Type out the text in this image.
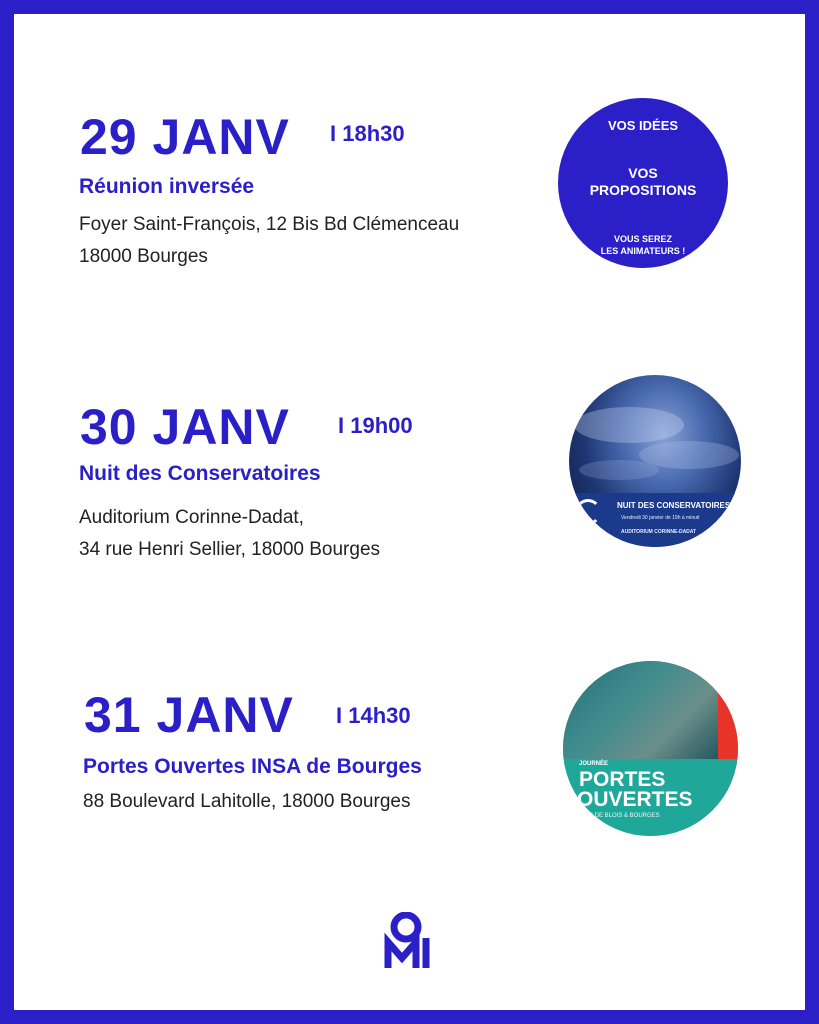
29 JANV I 18h30
Réunion inversée
Foyer Saint-François, 12 Bis Bd Clémenceau
18000 Bourges
VOS IDÉES
VOS
PROPOSITIONS
VOUS SEREZ
LES ANIMATEURS !
30 JANV I 19h00
Nuit des Conservatoires
Auditorium Corinne-Dadat,
34 rue Henri Sellier, 18000 Bourges
NUIT DES CONSERVATOIRES
Vendredi 30 janvier de 19h à minuit
AUDITORIUM CORINNE-DADAT
31 JANV I 14h30
Portes Ouvertes INSA de Bourges
88 Boulevard Lahitolle, 18000 Bourges
JOURNÉE
PORTES
OUVERTES
S DE BLOIS & BOURGES
